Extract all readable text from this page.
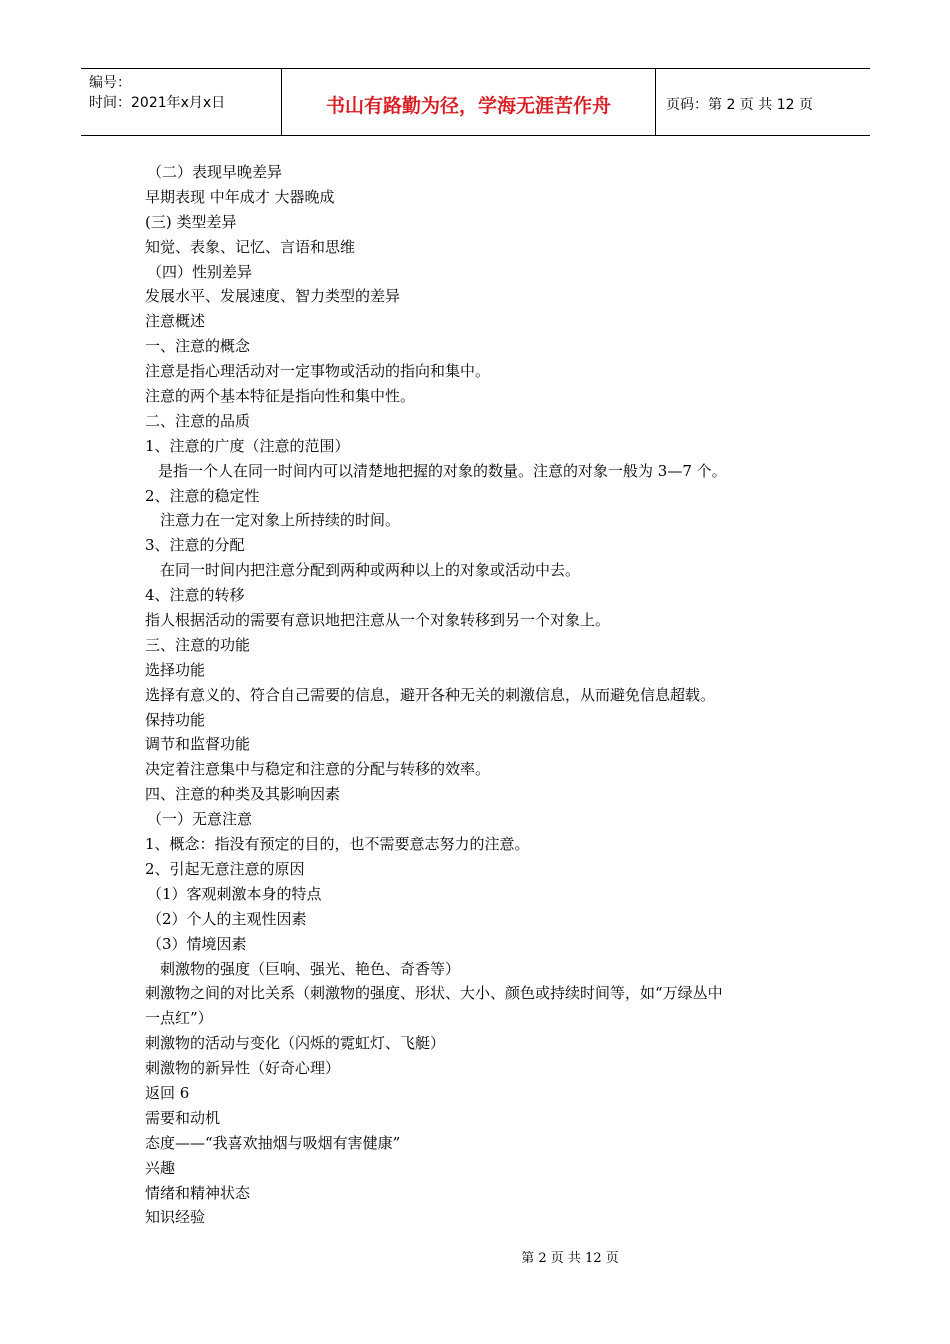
编号：
时间：2021年x月x日	书山有路勤为径，学海无涯苦作舟	页码：第 2 页 共 12 页
（二）表现早晚差异
早期表现 中年成才 大器晚成
(三) 类型差异
知觉、表象、记忆、言语和思维
（四）性别差异
发展水平、发展速度、智力类型的差异
注意概述
一、注意的概念
注意是指心理活动对一定事物或活动的指向和集中。
注意的两个基本特征是指向性和集中性。
二、注意的品质
1、注意的广度（注意的范围）
是指一个人在同一时间内可以清楚地把握的对象的数量。注意的对象一般为 3—7 个。
2、注意的稳定性
注意力在一定对象上所持续的时间。
3、注意的分配
在同一时间内把注意分配到两种或两种以上的对象或活动中去。
4、注意的转移
指人根据活动的需要有意识地把注意从一个对象转移到另一个对象上。
三、注意的功能
选择功能
选择有意义的、符合自己需要的信息，避开各种无关的刺激信息，从而避免信息超载。
保持功能
调节和监督功能
决定着注意集中与稳定和注意的分配与转移的效率。
四、注意的种类及其影响因素
（一）无意注意
1、概念：指没有预定的目的，也不需要意志努力的注意。
2、引起无意注意的原因
（1）客观刺激本身的特点
（2）个人的主观性因素
（3）情境因素
刺激物的强度（巨响、强光、艳色、奇香等）
刺激物之间的对比关系（刺激物的强度、形状、大小、颜色或持续时间等，如“万绿丛中
一点红”）
刺激物的活动与变化（闪烁的霓虹灯、飞艇）
刺激物的新异性（好奇心理）
返回 6
需要和动机
态度——“我喜欢抽烟与吸烟有害健康”
兴趣
情绪和精神状态
知识经验
第 2 页 共 12 页
